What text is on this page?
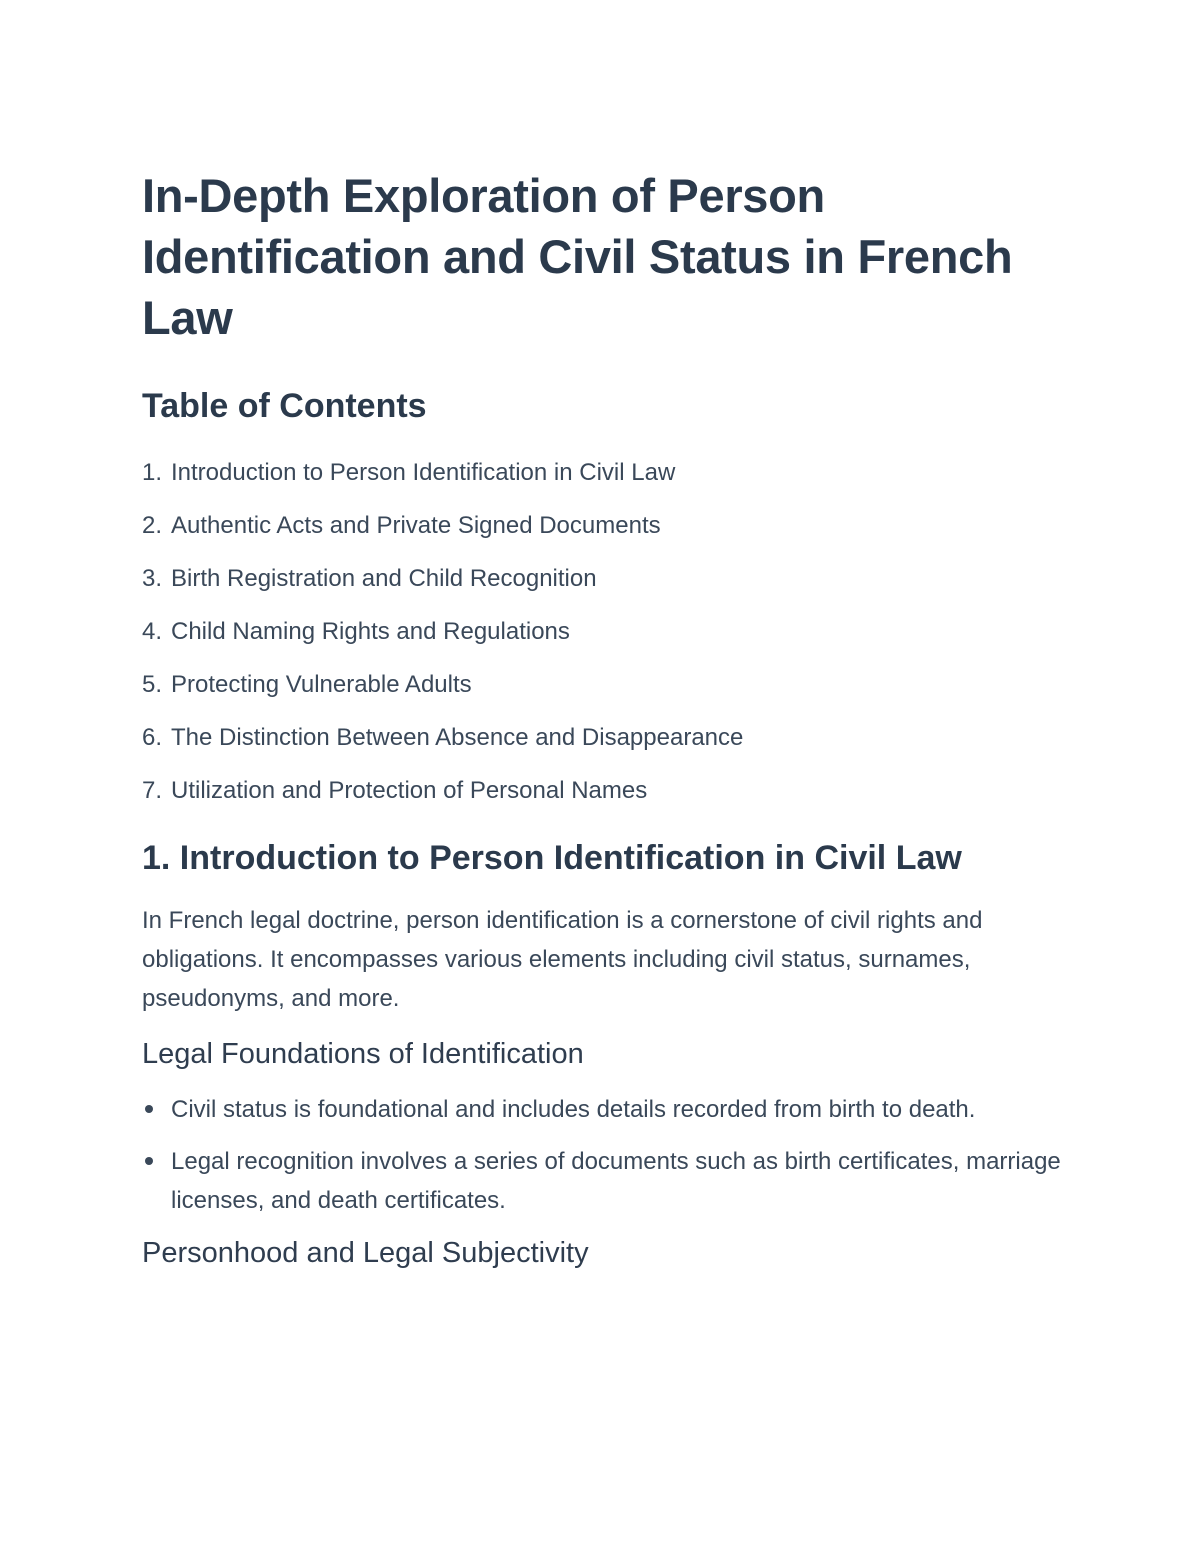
In-Depth Exploration of Person Identification and Civil Status in French Law
Table of Contents
1. Introduction to Person Identification in Civil Law
2. Authentic Acts and Private Signed Documents
3. Birth Registration and Child Recognition
4. Child Naming Rights and Regulations
5. Protecting Vulnerable Adults
6. The Distinction Between Absence and Disappearance
7. Utilization and Protection of Personal Names
1. Introduction to Person Identification in Civil Law

In French legal doctrine, person identification is a cornerstone of civil rights and obligations. It encompasses various elements including civil status, surnames, pseudonyms, and more.

Legal Foundations of Identification
Civil status is foundational and includes details recorded from birth to death.
Legal recognition involves a series of documents such as birth certificates, marriage licenses, and death certificates.
Personhood and Legal Subjectivity
